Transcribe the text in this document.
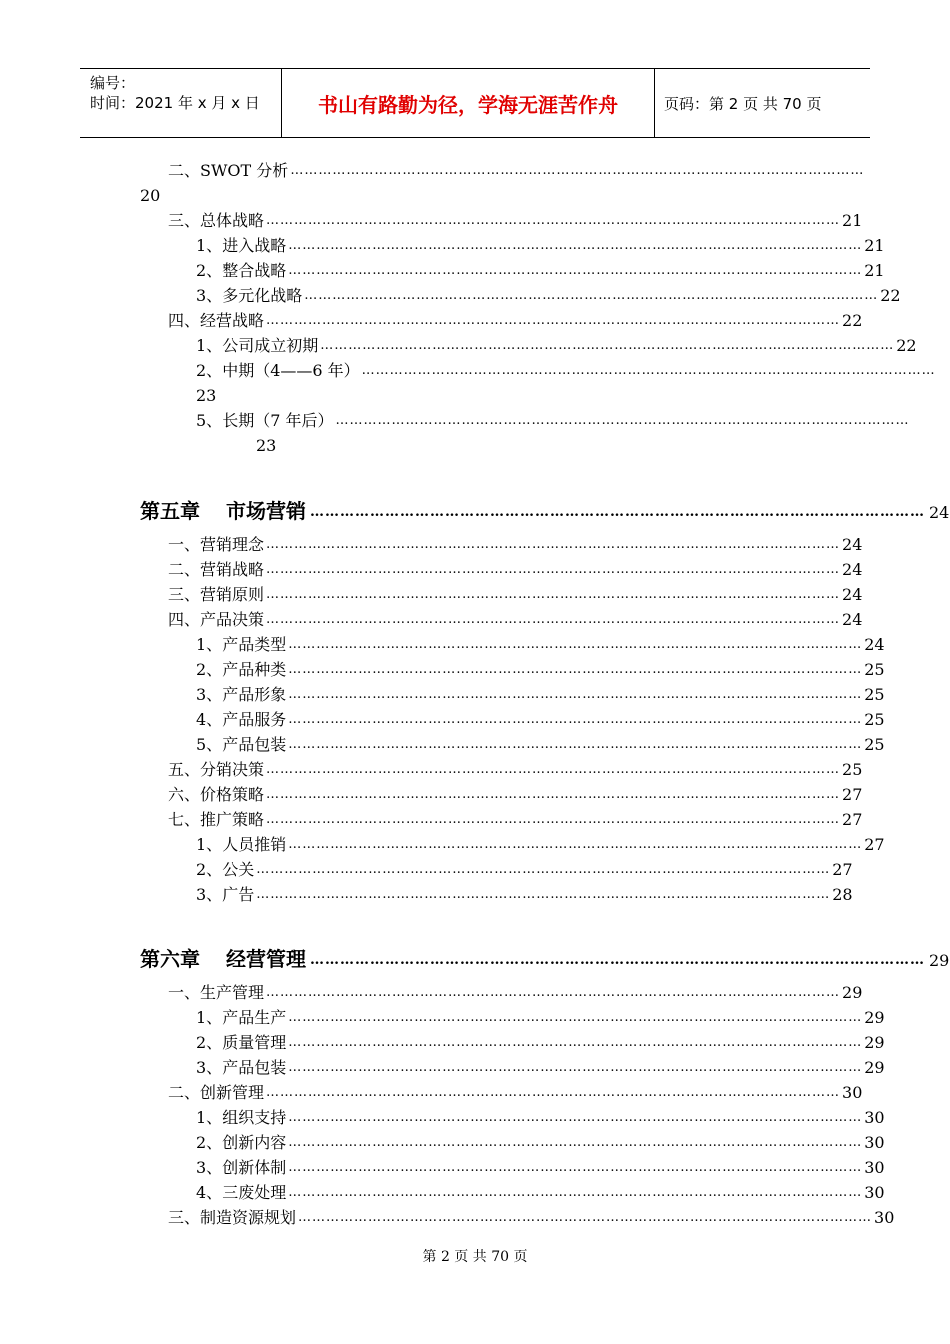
编号：
时间：2021 年 x 月 x 日	书山有路勤为径，学海无涯苦作舟	页码：第 2 页 共 70 页
二、 SWOT 分析 ……………………………………………………………………………………………………………
20
三、 总体战略 …………………………………………………………………………………………………………… 21
1、 进入战略 …………………………………………………………………………………………………………… 21
2、 整合战略 …………………………………………………………………………………………………………… 21
3、 多元化战略 …………………………………………………………………………………………………………… 22
四、 经营战略 …………………………………………………………………………………………………………… 22
1、 公司成立初期 …………………………………………………………………………………………………………… 22
2、 中期（4——6 年） ……………………………………………………………………………………………………………
23
5、 长期（7 年后） ……………………………………………………………………………………………………………
23
一、 营销理念 …………………………………………………………………………………………………………… 24
二、 营销战略 …………………………………………………………………………………………………………… 24
三、 营销原则 …………………………………………………………………………………………………………… 24
四、 产品决策 …………………………………………………………………………………………………………… 24
1、 产品类型 …………………………………………………………………………………………………………… 24
2、 产品种类 …………………………………………………………………………………………………………… 25
3、 产品形象 …………………………………………………………………………………………………………… 25
4、 产品服务 …………………………………………………………………………………………………………… 25
5、 产品包装 …………………………………………………………………………………………………………… 25
五、 分销决策 …………………………………………………………………………………………………………… 25
六、 价格策略 …………………………………………………………………………………………………………… 27
七、 推广策略 …………………………………………………………………………………………………………… 27
1、 人员推销 …………………………………………………………………………………………………………… 27
2、 公关 …………………………………………………………………………………………………………… 27
3、 广告 …………………………………………………………………………………………………………… 28
一、 生产管理 …………………………………………………………………………………………………………… 29
1、 产品生产 …………………………………………………………………………………………………………… 29
2、 质量管理 …………………………………………………………………………………………………………… 29
3、 产品包装 …………………………………………………………………………………………………………… 29
二、 创新管理 …………………………………………………………………………………………………………… 30
1、 组织支持 …………………………………………………………………………………………………………… 30
2、 创新内容 …………………………………………………………………………………………………………… 30
3、 创新体制 …………………………………………………………………………………………………………… 30
4、 三废处理 …………………………………………………………………………………………………………… 30
三、 制造资源规划 …………………………………………………………………………………………………………… 30
第五章 市场营销 …………………………………………………………………………………………………………… 24
第六章 经营管理 …………………………………………………………………………………………………………… 29
第 2 页 共 70 页
